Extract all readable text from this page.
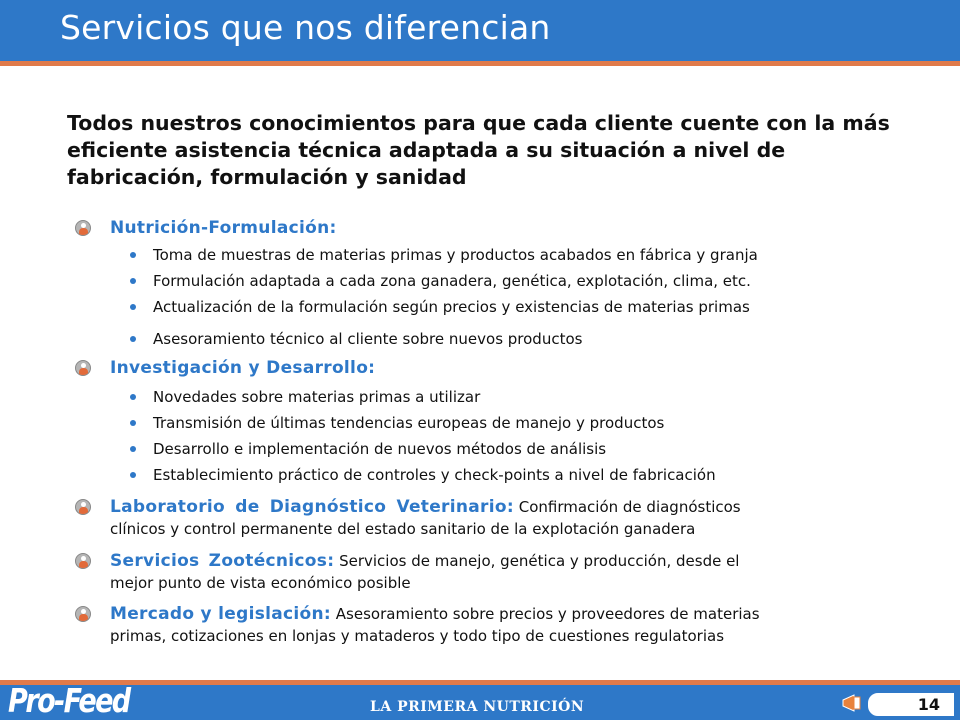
Servicios que nos diferencian
Todos nuestros conocimientos para que cada cliente cuente con la más eficiente asistencia técnica adaptada a su situación a nivel de fabricación, formulación y sanidad
Nutrición-Formulación:
Toma de muestras de materias primas y productos acabados en fábrica y granja
Formulación adaptada a cada zona ganadera, genética, explotación, clima, etc.
Actualización de la formulación según precios y existencias de materias primas
Asesoramiento técnico al cliente sobre nuevos productos
Investigación y Desarrollo:
Novedades sobre materias primas a utilizar
Transmisión de últimas tendencias europeas de manejo y productos
Desarrollo e implementación de nuevos métodos de análisis
Establecimiento práctico de controles y check-points a nivel de fabricación
Laboratorio de Diagnóstico Veterinario: Confirmación de diagnósticos
clínicos y control permanente del estado sanitario de la explotación ganadera
Servicios Zootécnicos: Servicios de manejo, genética y producción, desde el
mejor punto de vista económico posible
Mercado y legislación: Asesoramiento sobre precios y proveedores de materias
primas, cotizaciones en lonjas y mataderos y todo tipo de cuestiones regulatorias
Pro-Feed	LA PRIMERA NUTRICIÓN	14
